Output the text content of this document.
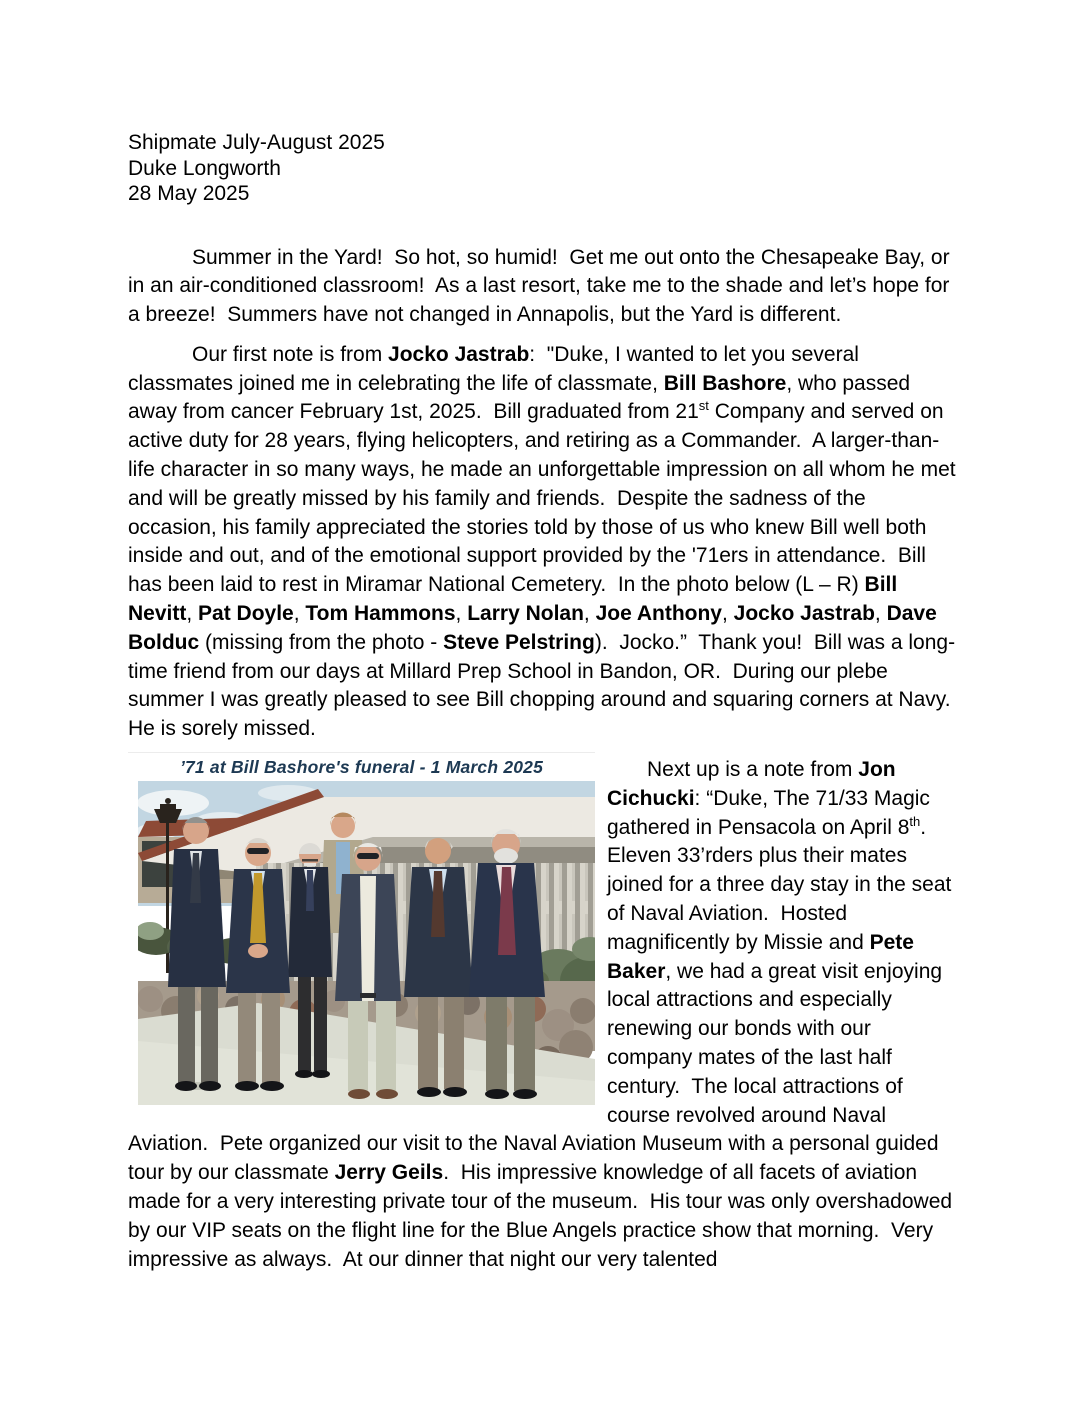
Shipmate July-August 2025

Duke Longworth

28 May 2025

Summer in the Yard!  So hot, so humid!  Get me out onto the Chesapeake Bay, or in an air-conditioned classroom!  As a last resort, take me to the shade and let’s hope for a breeze!  Summers have not changed in Annapolis, but the Yard is different.

Our first note is from Jocko Jastrab:  "Duke, I wanted to let you several classmates joined me in celebrating the life of classmate, Bill Bashore, who passed away from cancer February 1st, 2025.  Bill graduated from 21st Company and served on active duty for 28 years, flying helicopters, and retiring as a Commander.  A larger-than-life character in so many ways, he made an unforgettable impression on all whom he met and will be greatly missed by his family and friends.  Despite the sadness of the occasion, his family appreciated the stories told by those of us who knew Bill well both inside and out, and of the emotional support provided by the '71ers in attendance.  Bill has been laid to rest in Miramar National Cemetery.  In the photo below (L – R) Bill Nevitt, Pat Doyle, Tom Hammons, Larry Nolan, Joe Anthony, Jocko Jastrab, Dave Bolduc (missing from the photo - Steve Pelstring).  Jocko.”  Thank you!  Bill was a long-time friend from our days at Millard Prep School in Bandon, OR.  During our plebe summer I was greatly pleased to see Bill chopping around and squaring corners at Navy.  He is sorely missed.

’71 at Bill Bashore's funeral - 1 March 2025	Next up is a note from Jon Cichucki: “Duke, The 71/33 Magic gathered in Pensacola on April 8th.  Eleven 33’rders plus their mates joined for a three day stay in the seat of Naval Aviation.  Hosted magnificently by Missie and Pete Baker, we had a great visit enjoying local attractions and especially renewing our bonds with our company mates of the last half century.  The local attractions of course revolved around Naval Aviation.  Pete organized our visit to the Naval Aviation Museum with a personal guided tour by our classmate Jerry Geils.  His impressive knowledge of all facets of aviation made for a very interesting private tour of the museum.  His tour was only overshadowed by our VIP seats on the flight line for the Blue Angels practice show that morning.  Very impressive as always.  At our dinner that night our very talented
